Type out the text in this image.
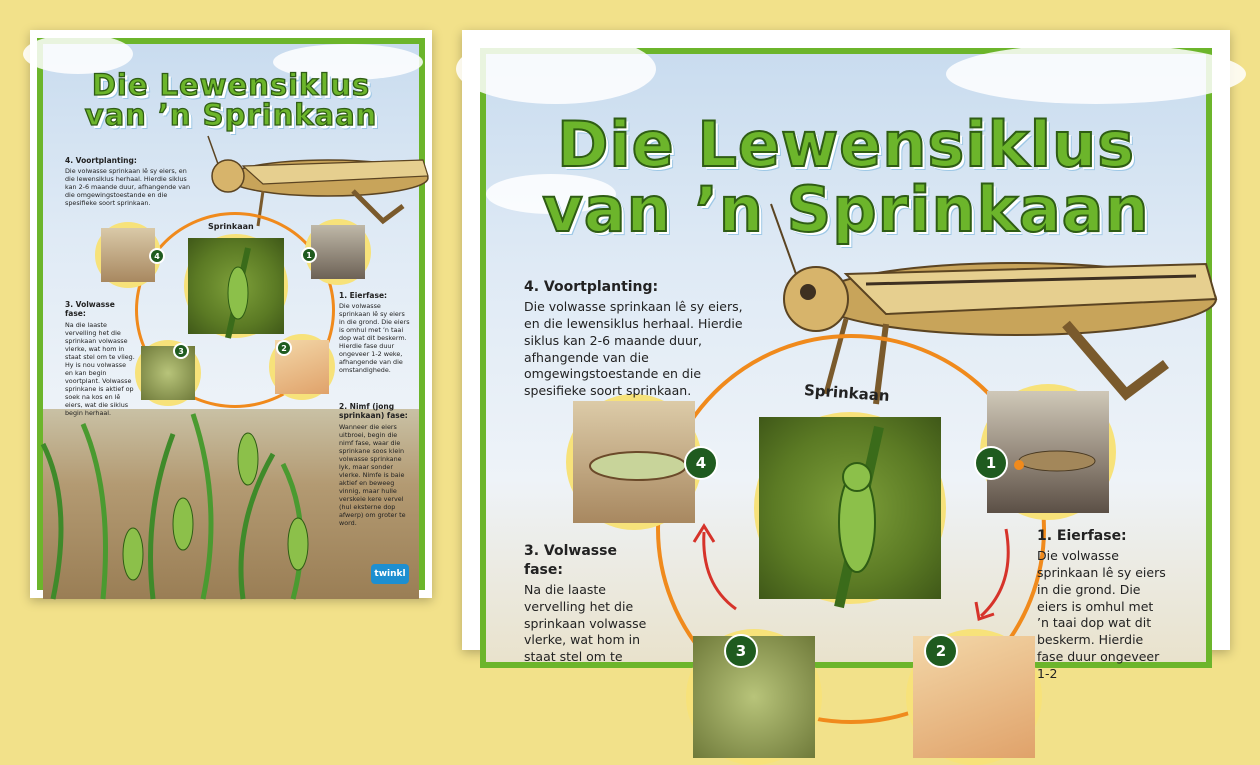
Die Lewensiklus
van ’n Sprinkaan
Sprinkaan
1
2
3
4
4. Voortplanting:

Die volwasse sprinkaan lê sy eiers, en die lewensiklus herhaal. Hierdie siklus kan 2-6 maande duur, afhangende van die omgewingstoestande en die spesifieke soort sprinkaan.

1. Eierfase:

Die volwasse sprinkaan lê sy eiers in die grond. Die eiers is omhul met ’n taai dop wat dit beskerm. Hierdie fase duur ongeveer 1-2 weke, afhangende van die omstandighede.

3. Volwasse fase:

Na die laaste vervelling het die sprinkaan volwasse vlerke, wat hom in staat stel om te vlieg. Hy is nou volwasse en kan begin voortplant. Volwasse sprinkane is aktief op soek na kos en lê eiers, wat die siklus begin herhaal.

2. Nimf (jong sprinkaan) fase:

Wanneer die eiers uitbroei, begin die nimf fase, waar die sprinkane soos klein volwasse sprinkane lyk, maar sonder vlerke. Nimfe is baie aktief en beweeg vinnig, maar hulle verskeie kere vervel (hul eksterne dop afwerp) om groter te word.

twinkl
Die Lewensiklus
van ’n Sprinkaan
Sprinkaan
1
4
3	2
4. Voortplanting:

Die volwasse sprinkaan lê sy eiers, en die lewensiklus herhaal. Hierdie siklus kan 2-6 maande duur, afhangende van die omgewingstoestande en die spesifieke soort sprinkaan.

3. Volwasse fase:

Na die laaste vervelling het die sprinkaan volwasse vlerke, wat hom in staat stel om te

1. Eierfase:

Die volwasse sprinkaan lê sy eiers in die grond. Die eiers is omhul met ’n taai dop wat dit beskerm. Hierdie fase duur ongeveer 1-2
